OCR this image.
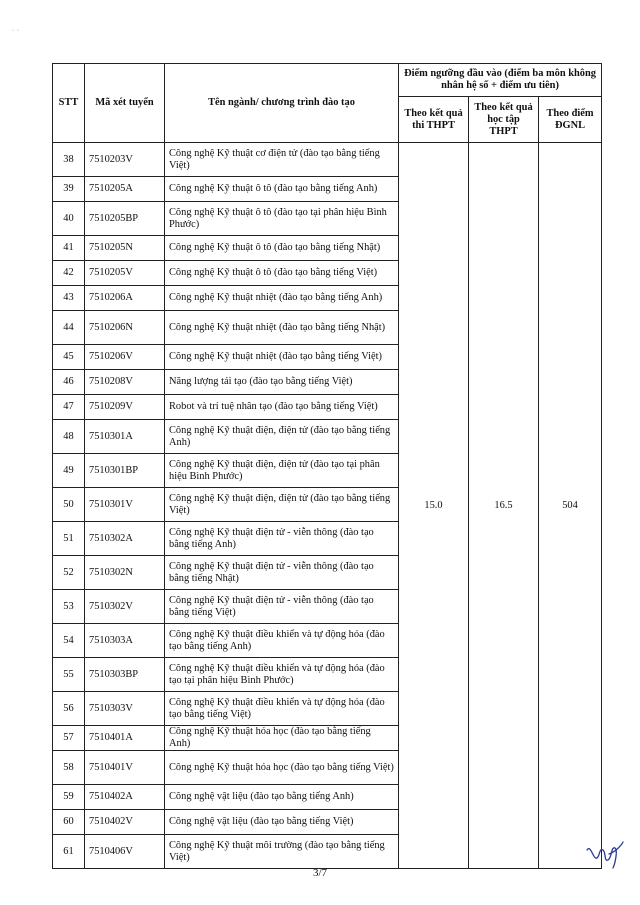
·  ·
STT	Mã xét tuyển	Tên ngành/ chương trình đào tạo	Điểm ngưỡng đầu vào (điểm ba môn không nhân hệ số + điểm ưu tiên)		
			Theo kết quả thi THPT	Theo kết quả học tập THPT	Theo điểm ĐGNL
38	7510203V	Công nghệ Kỹ thuật cơ điện tử (đào tạo bằng tiếng Việt)	15.0	16.5	504
39	7510205A	Công nghệ Kỹ thuật ô tô (đào tạo bằng tiếng Anh)			
40	7510205BP	Công nghệ Kỹ thuật ô tô (đào tạo tại phân hiệu Bình Phước)			
41	7510205N	Công nghệ Kỹ thuật ô tô (đào tạo bằng tiếng Nhật)			
42	7510205V	Công nghệ Kỹ thuật ô tô (đào tạo bằng tiếng Việt)			
43	7510206A	Công nghệ Kỹ thuật nhiệt (đào tạo bằng tiếng Anh)			
44	7510206N	Công nghệ Kỹ thuật nhiệt (đào tạo bằng tiếng Nhật)			
45	7510206V	Công nghệ Kỹ thuật nhiệt (đào tạo bằng tiếng Việt)			
46	7510208V	Năng lượng tái tạo (đào tạo bằng tiếng Việt)			
47	7510209V	Robot và trí tuệ nhân tạo (đào tạo bằng tiếng Việt)			
48	7510301A	Công nghệ Kỹ thuật điện, điện tử (đào tạo bằng tiếng Anh)			
49	7510301BP	Công nghệ Kỹ thuật điện, điện tử (đào tạo tại phân hiệu Bình Phước)			
50	7510301V	Công nghệ Kỹ thuật điện, điện tử (đào tạo bằng tiếng Việt)			
51	7510302A	Công nghệ Kỹ thuật điện tử - viễn thông (đào tạo bằng tiếng Anh)			
52	7510302N	Công nghệ Kỹ thuật điện tử - viễn thông (đào tạo bằng tiếng Nhật)			
53	7510302V	Công nghệ Kỹ thuật điện tử - viễn thông (đào tạo bằng tiếng Việt)			
54	7510303A	Công nghệ Kỹ thuật điều khiển và tự động hóa (đào tạo bằng tiếng Anh)			
55	7510303BP	Công nghệ Kỹ thuật điều khiển và tự động hóa (đào tạo tại phân hiệu Bình Phước)			
56	7510303V	Công nghệ Kỹ thuật điều khiển và tự động hóa (đào tạo bằng tiếng Việt)			
57	7510401A	Công nghệ Kỹ thuật hóa học (đào tạo bằng tiếng Anh)			
58	7510401V	Công nghệ Kỹ thuật hóa học (đào tạo bằng tiếng Việt)			
59	7510402A	Công nghệ vật liệu (đào tạo bằng tiếng Anh)			
60	7510402V	Công nghệ vật liệu (đào tạo bằng tiếng Việt)			
61	7510406V	Công nghệ Kỹ thuật môi trường (đào tạo bằng tiếng Việt)			
3/7
